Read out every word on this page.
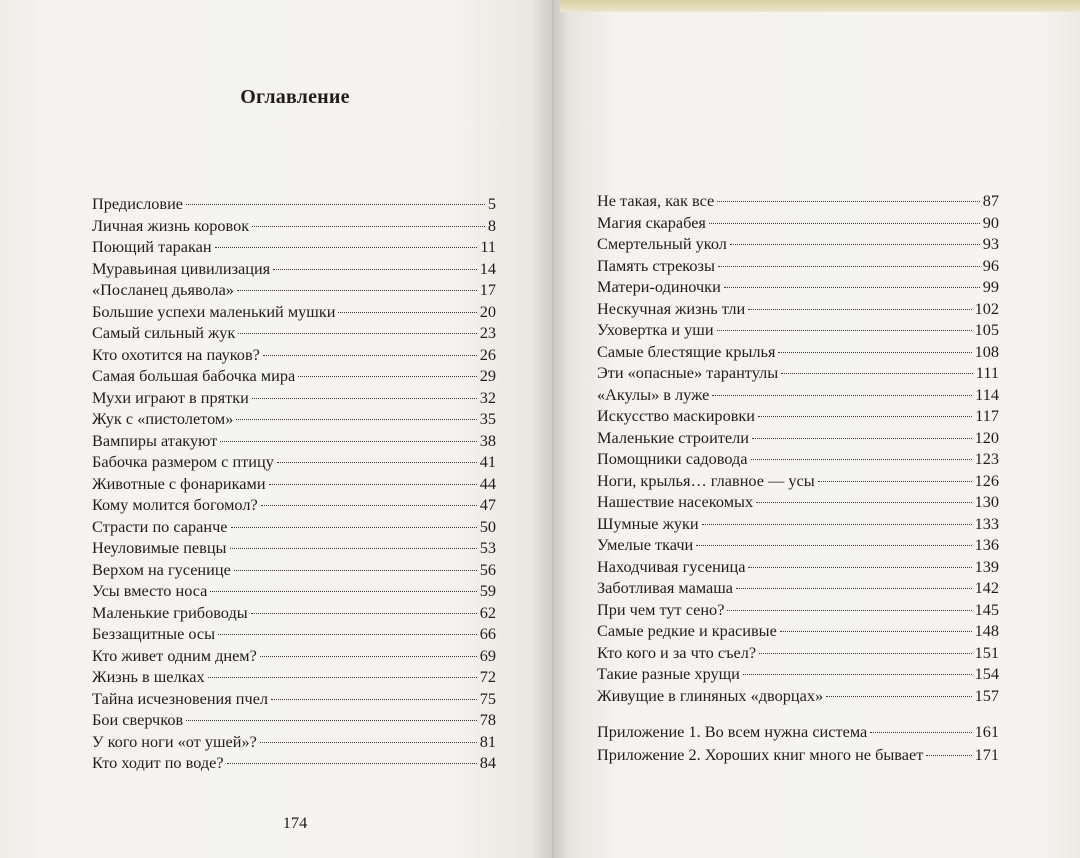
Оглавление
Предисловие	5
Личная жизнь коровок	8
Поющий таракан	11
Муравьиная цивилизация	14
«Посланец дьявола»	17
Большие успехи маленький мушки	20
Самый сильный жук	23
Кто охотится на пауков?	26
Самая большая бабочка мира	29
Мухи играют в прятки	32
Жук с «пистолетом»	35
Вампиры атакуют	38
Бабочка размером с птицу	41
Животные с фонариками	44
Кому молится богомол?	47
Страсти по саранче	50
Неуловимые певцы	53
Верхом на гусенице	56
Усы вместо носа	59
Маленькие грибоводы	62
Беззащитные осы	66
Кто живет одним днем?	69
Жизнь в шелках	72
Тайна исчезновения пчел	75
Бои сверчков	78
У кого ноги «от ушей»?	81
Кто ходит по воде?	84
Не такая, как все	87
Магия скарабея	90
Смертельный укол	93
Память стрекозы	96
Матери-одиночки	99
Нескучная жизнь тли	102
Уховертка и уши	105
Самые блестящие крылья	108
Эти «опасные» тарантулы	111
«Акулы» в луже	114
Искусство маскировки	117
Маленькие строители	120
Помощники садовода	123
Ноги, крылья… главное — усы	126
Нашествие насекомых	130
Шумные жуки	133
Умелые ткачи	136
Находчивая гусеница	139
Заботливая мамаша	142
При чем тут сено?	145
Самые редкие и красивые	148
Кто кого и за что съел?	151
Такие разные хрущи	154
Живущие в глиняных «дворцах»	157
Приложение 1. Во всем нужна система	161
Приложение 2. Хороших книг много не бывает	171
174
